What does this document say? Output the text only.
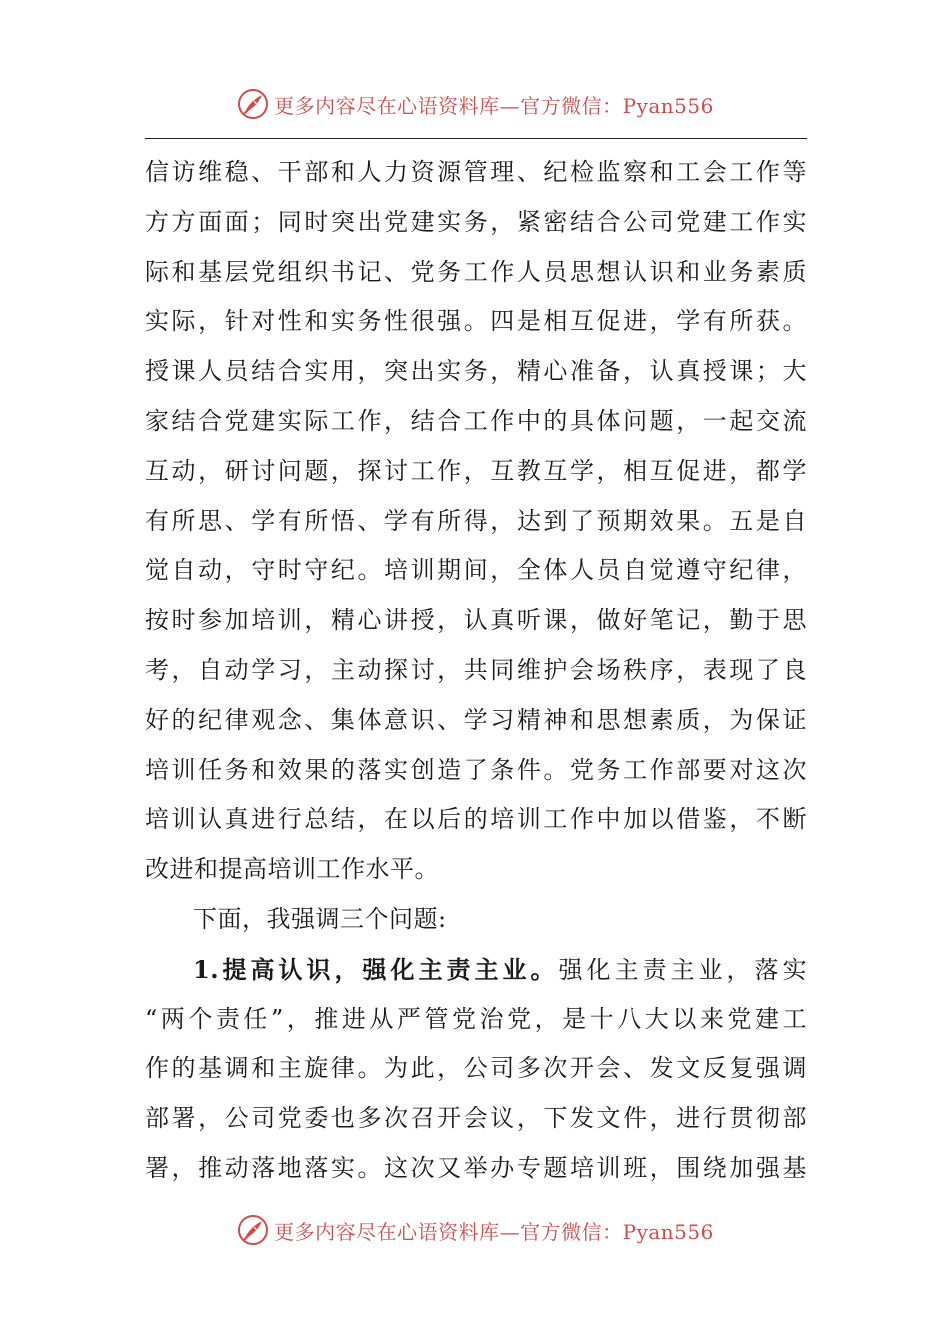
更多内容尽在心语资料库—官方微信：Pyan556
信访维稳、干部和人力资源管理、纪检监察和工会工作等
方方面面；同时突出党建实务，紧密结合公司党建工作实
际和基层党组织书记、党务工作人员思想认识和业务素质
实际，针对性和实务性很强。四是相互促进，学有所获。
授课人员结合实用，突出实务，精心准备，认真授课；大
家结合党建实际工作，结合工作中的具体问题，一起交流
互动，研讨问题，探讨工作，互教互学，相互促进，都学
有所思、学有所悟、学有所得，达到了预期效果。五是自
觉自动，守时守纪。培训期间，全体人员自觉遵守纪律，
按时参加培训，精心讲授，认真听课，做好笔记，勤于思
考，自动学习，主动探讨，共同维护会场秩序，表现了良
好的纪律观念、集体意识、学习精神和思想素质，为保证
培训任务和效果的落实创造了条件。党务工作部要对这次
培训认真进行总结，在以后的培训工作中加以借鉴，不断
改进和提高培训工作水平。
下面，我强调三个问题:
1.提高认识，强化主责主业。强化主责主业，落实
“两个责任”，推进从严管党治党，是十八大以来党建工
作的基调和主旋律。为此，公司多次开会、发文反复强调
部署，公司党委也多次召开会议，下发文件，进行贯彻部
署，推动落地落实。这次又举办专题培训班，围绕加强基
更多内容尽在心语资料库—官方微信：Pyan556
